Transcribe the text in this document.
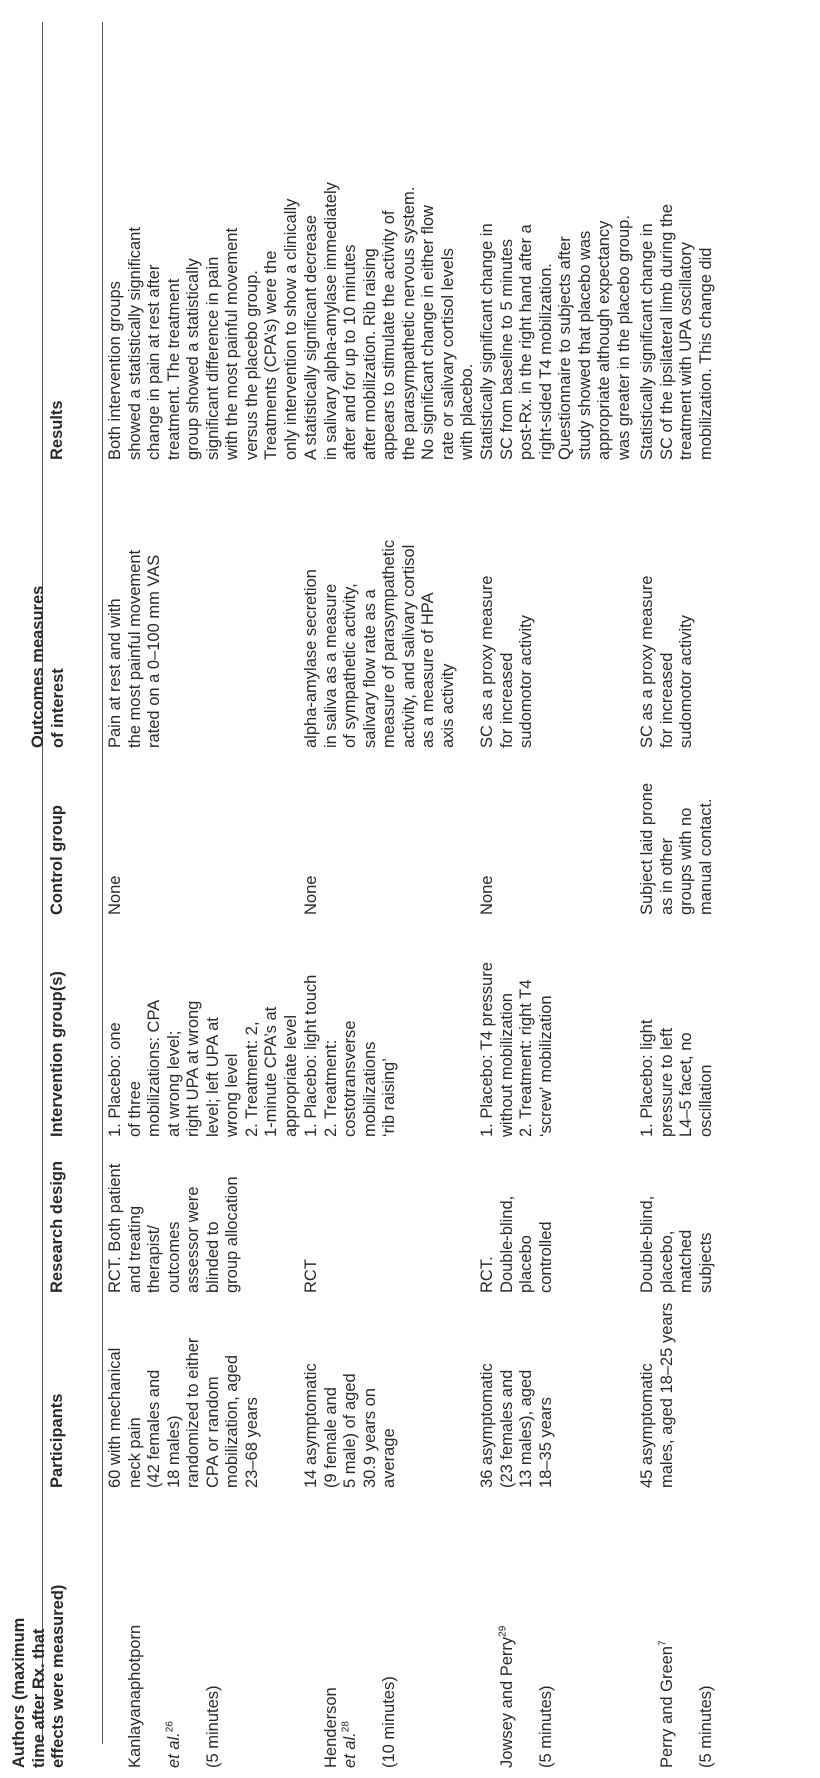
Authors (maximum
time after Rx. that
effects were measured)
Participants
Research design
Intervention group(s)
Control group
Outcomes measures
of interest
Results

Kanlayanaphotporn et al.$^{26}$ (5 minutes)

60 with mechanical
neck pain
(42 females and
18 males)
randomized to either
CPA or random
mobilization, aged
23–68 years
RCT. Both patient
and treating
therapist/
outcomes
assessor were
blinded to
group allocation
1. Placebo: one
of three
mobilizations: CPA
at wrong level;
right UPA at wrong
level; left UPA at
wrong level
2. Treatment: 2,
1-minute CPA’s at
appropriate level
None
Pain at rest and with
the most painful movement
rated on a 0–100 mm VAS
Both intervention groups
showed a statistically significant
change in pain at rest after
treatment. The treatment
group showed a statistically
significant difference in pain
with the most painful movement
versus the placebo group.
Treatments (CPA’s) were the
only intervention to show a clinically

Henderson
et al.$^{28}$ (10 minutes)

14 asymptomatic
(9 female and
5 male) of aged
30.9 years on
average
RCT
1. Placebo: light touch
2. Treatment:
costotransverse
mobilizations
‘rib raising’
None
alpha-amylase secretion
in saliva as a measure
of sympathetic activity,
salivary flow rate as a
measure of parasympathetic
activity, and salivary cortisol
as a measure of HPA
axis activity
A statistically significant decrease
in salivary alpha-amylase immediately
after and for up to 10 minutes
after mobilization. Rib raising
appears to stimulate the activity of
the parasympathetic nervous system.
No significant change in either flow
rate or salivary cortisol levels
with placebo.

Jowsey and Perry$^{29}$

(5 minutes)

36 asymptomatic
(23 females and
13 males), aged
18–35 years
RCT.
Double-blind,
placebo
controlled
1. Placebo: T4 pressure
without mobilization
2. Treatment: right T4
‘screw’ mobilization
None
SC as a proxy measure
for increased
sudomotor activity
Statistically significant change in
SC from baseline to 5 minutes
post-Rx. in the right hand after a
right-sided T4 mobilization.
Questionnaire to subjects after
study showed that placebo was
appropriate although expectancy
was greater in the placebo group.

Perry and Green$^7$

(5 minutes)

45 asymptomatic
males, aged 18–25 years
Double-blind,
placebo,
matched
subjects
1. Placebo: light
pressure to left
L4–5 facet, no
oscillation
Subject laid prone
as in other
groups with no
manual contact.
SC as a proxy measure
for increased
sudomotor activity
Statistically significant change in
SC of the ipsilateral limb during the
treatment with UPA oscillatory
mobilization. This change did
